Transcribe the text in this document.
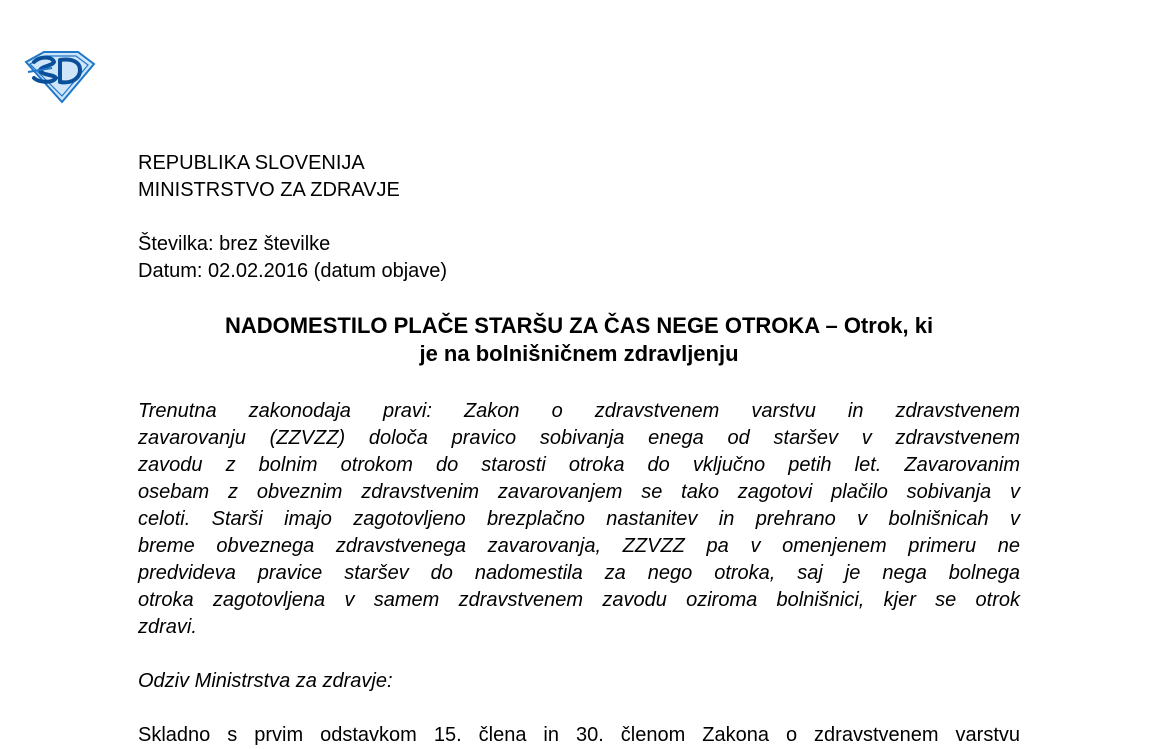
REPUBLIKA SLOVENIJA

MINISTRSTVO ZA ZDRAVJE

Številka: brez številke

Datum: 02.02.2016 (datum objave)

NADOMESTILO PLAČE STARŠU ZA ČAS NEGE OTROKA – Otrok, ki
je na bolnišničnem zdravljenju
Trenutna zakonodaja pravi: Zakon o zdravstvenem varstvu in zdravstvenem
zavarovanju (ZZVZZ) določa pravico sobivanja enega od staršev v zdravstvenem
zavodu z bolnim otrokom do starosti otroka do vključno petih let. Zavarovanim
osebam z obveznim zdravstvenim zavarovanjem se tako zagotovi plačilo sobivanja v
celoti. Starši imajo zagotovljeno brezplačno nastanitev in prehrano v bolnišnicah v
breme obveznega zdravstvenega zavarovanja, ZZVZZ pa v omenjenem primeru ne
predvideva pravice staršev do nadomestila za nego otroka, saj je nega bolnega
otroka zagotovljena v samem zdravstvenem zavodu oziroma bolnišnici, kjer se otrok
zdravi.

Odziv Ministrstva za zdravje:

Skladno s prvim odstavkom 15. člena in 30. členom Zakona o zdravstvenem varstvu
